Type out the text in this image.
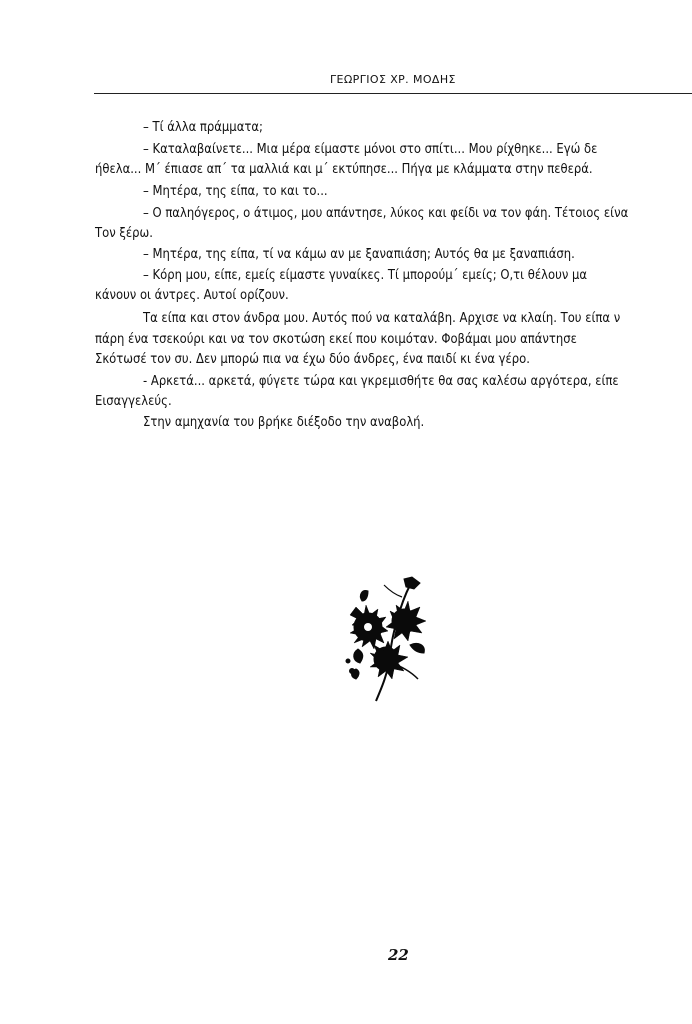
ΓΕΩΡΓΙΟΣ ΧΡ. ΜΟΔΗΣ
– Τί άλλα πράμματα;
– Καταλαβαίνετε... Μια μέρα είμαστε μόνοι στο σπίτι... Μου ρίχθηκε... Εγώ δε
ήθελα... Μ΄ έπιασε απ΄ τα μαλλιά και μ΄ εκτύπησε... Πήγα με κλάμματα στην πεθερά.
– Μητέρα, της είπα, το και το...
– Ο παληόγερος, ο άτιμος, μου απάντησε, λύκος και φείδι να τον φάη. Τέτοιος είνα
Τον ξέρω.
– Μητέρα, της είπα, τί να κάμω αν με ξαναπιάση; Αυτός θα με ξαναπιάση.
– Κόρη μου, είπε, εμείς είμαστε γυναίκες. Τί μπορούμ΄ εμείς; Ο,τι θέλουν μα
κάνουν οι άντρες. Αυτοί ορίζουν.
Τα είπα και στον άνδρα μου. Αυτός πού να καταλάβη. Αρχισε να κλαίη. Του είπα ν
πάρη ένα τσεκούρι και να τον σκοτώση εκεί που κοιμόταν. Φοβάμαι μου απάντησε
Σκότωσέ τον συ. Δεν μπορώ πια να έχω δύο άνδρες, ένα παιδί κι ένα γέρο.
- Αρκετά... αρκετά, φύγετε τώρα και γκρεμισθήτε θα σας καλέσω αργότερα, είπε
Εισαγγελεύς.
Στην αμηχανία του βρήκε διέξοδο την αναβολή.
22
